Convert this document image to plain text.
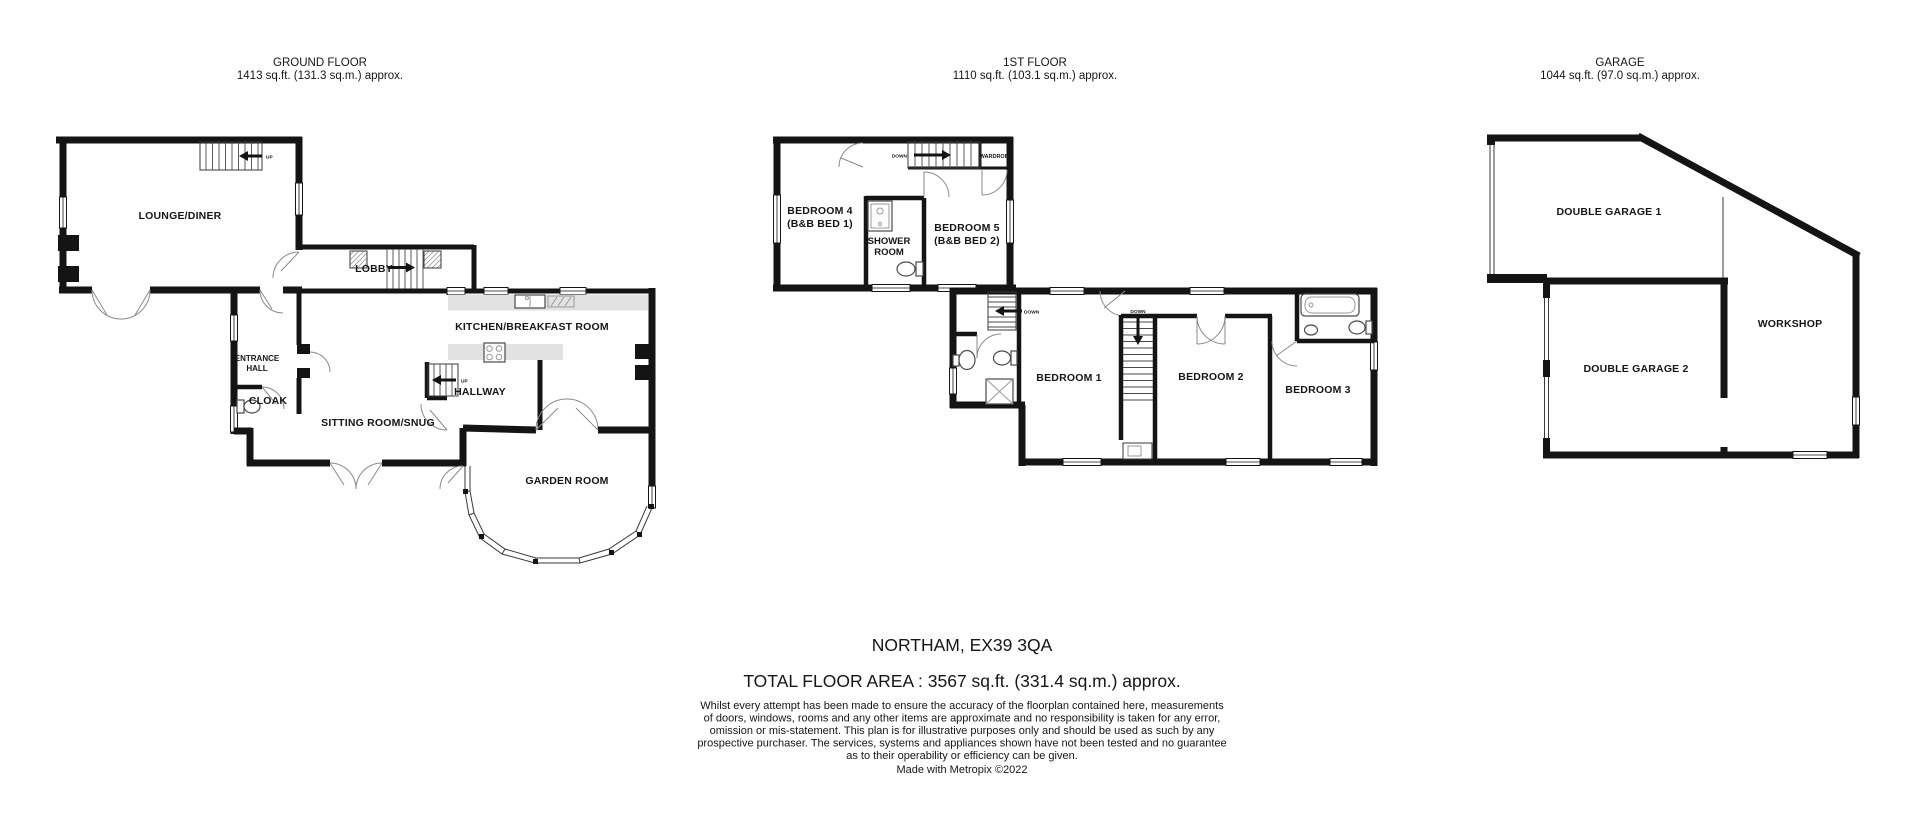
GROUND FLOOR
1413 sq.ft. (131.3 sq.m.) approx.
UP
UP
LOUNGE/DINER
LOBBY
KITCHEN/BREAKFAST ROOM
ENTRANCE
HALL
CLOAK
HALLWAY
SITTING ROOM/SNUG
GARDEN ROOM
1ST FLOOR
1110 sq.ft. (103.1 sq.m.) approx.
DOWN
DOWN	DOWN
BEDROOM 4
(B&B BED 1)
SHOWER
ROOM
BEDROOM 5
(B&B BED 2)
WARDROBE
BEDROOM 1	BEDROOM 2
BEDROOM 3
GARAGE
1044 sq.ft. (97.0 sq.m.) approx.
DOUBLE GARAGE 1
DOUBLE GARAGE 2
WORKSHOP
NORTHAM, EX39 3QA
TOTAL FLOOR AREA : 3567 sq.ft. (331.4 sq.m.) approx.
Whilst every attempt has been made to ensure the accuracy of the floorplan contained here, measurements
of doors, windows, rooms and any other items are approximate and no responsibility is taken for any error,
omission or mis-statement. This plan is for illustrative purposes only and should be used as such by any
prospective purchaser. The services, systems and appliances shown have not been tested and no guarantee
as to their operability or efficiency can be given.
Made with Metropix ©2022
